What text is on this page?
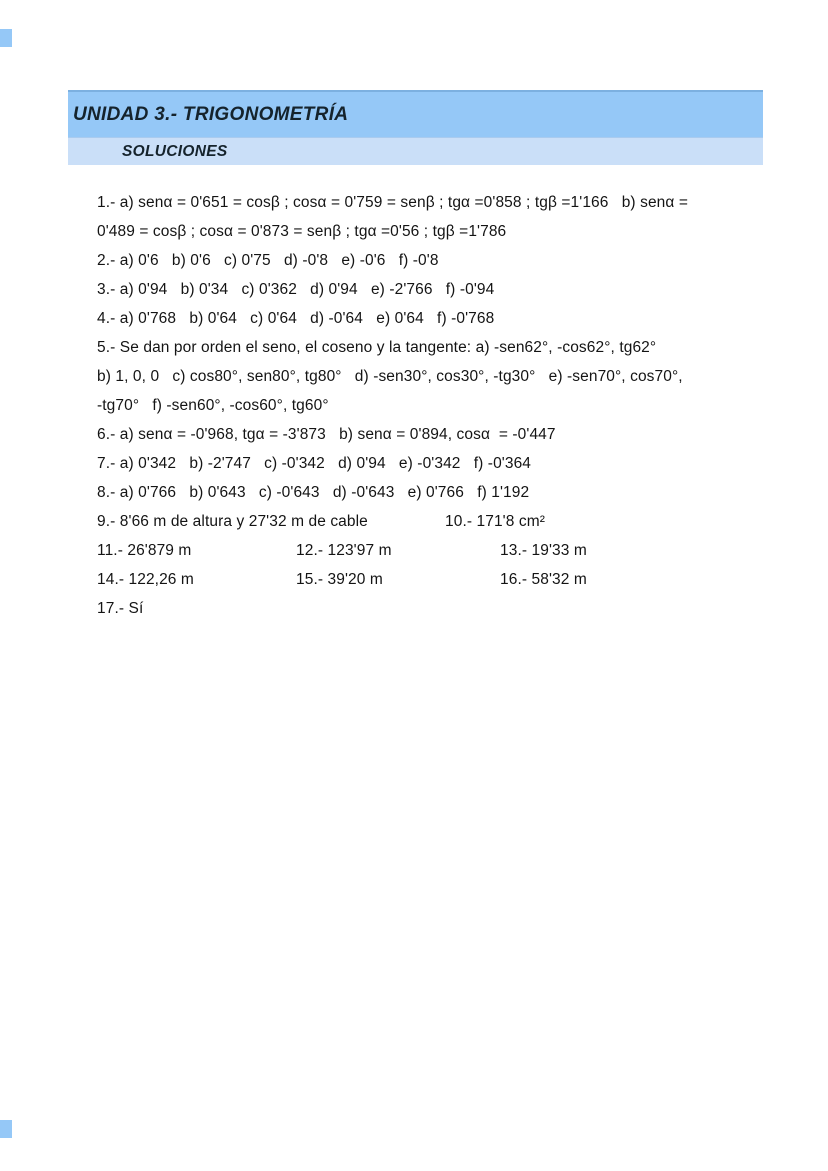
UNIDAD 3.- TRIGONOMETRÍA
SOLUCIONES

1.- a) senα = 0'651 = cosβ ; cosα = 0'759 = senβ ; tgα =0'858 ; tgβ =1'166   b) senα =

0'489 = cosβ ; cosα = 0'873 = senβ ; tgα =0'56 ; tgβ =1'786

2.- a) 0'6   b) 0'6   c) 0'75   d) -0'8   e) -0'6   f) -0'8

3.- a) 0'94   b) 0'34   c) 0'362   d) 0'94   e) -2'766   f) -0'94

4.- a) 0'768   b) 0'64   c) 0'64   d) -0'64   e) 0'64   f) -0'768

5.- Se dan por orden el seno, el coseno y la tangente: a) -sen62°, -cos62°, tg62°

b) 1, 0, 0   c) cos80°, sen80°, tg80°   d) -sen30°, cos30°, -tg30°   e) -sen70°, cos70°,

-tg70°   f) -sen60°, -cos60°, tg60°

6.- a) senα = -0'968, tgα = -3'873   b) senα = 0'894, cosα  = -0'447

7.- a) 0'342   b) -2'747   c) -0'342   d) 0'94   e) -0'342   f) -0'364

8.- a) 0'766   b) 0'643   c) -0'643   d) -0'643   e) 0'766   f) 1'192

9.- 8'66 m de altura y 27'32 m de cable	10.- 171'8 cm²
11.- 26'879 m	12.- 123'97 m	13.- 19'33 m
14.- 122,26 m	15.- 39'20 m	16.- 58'32 m

17.- Sí
